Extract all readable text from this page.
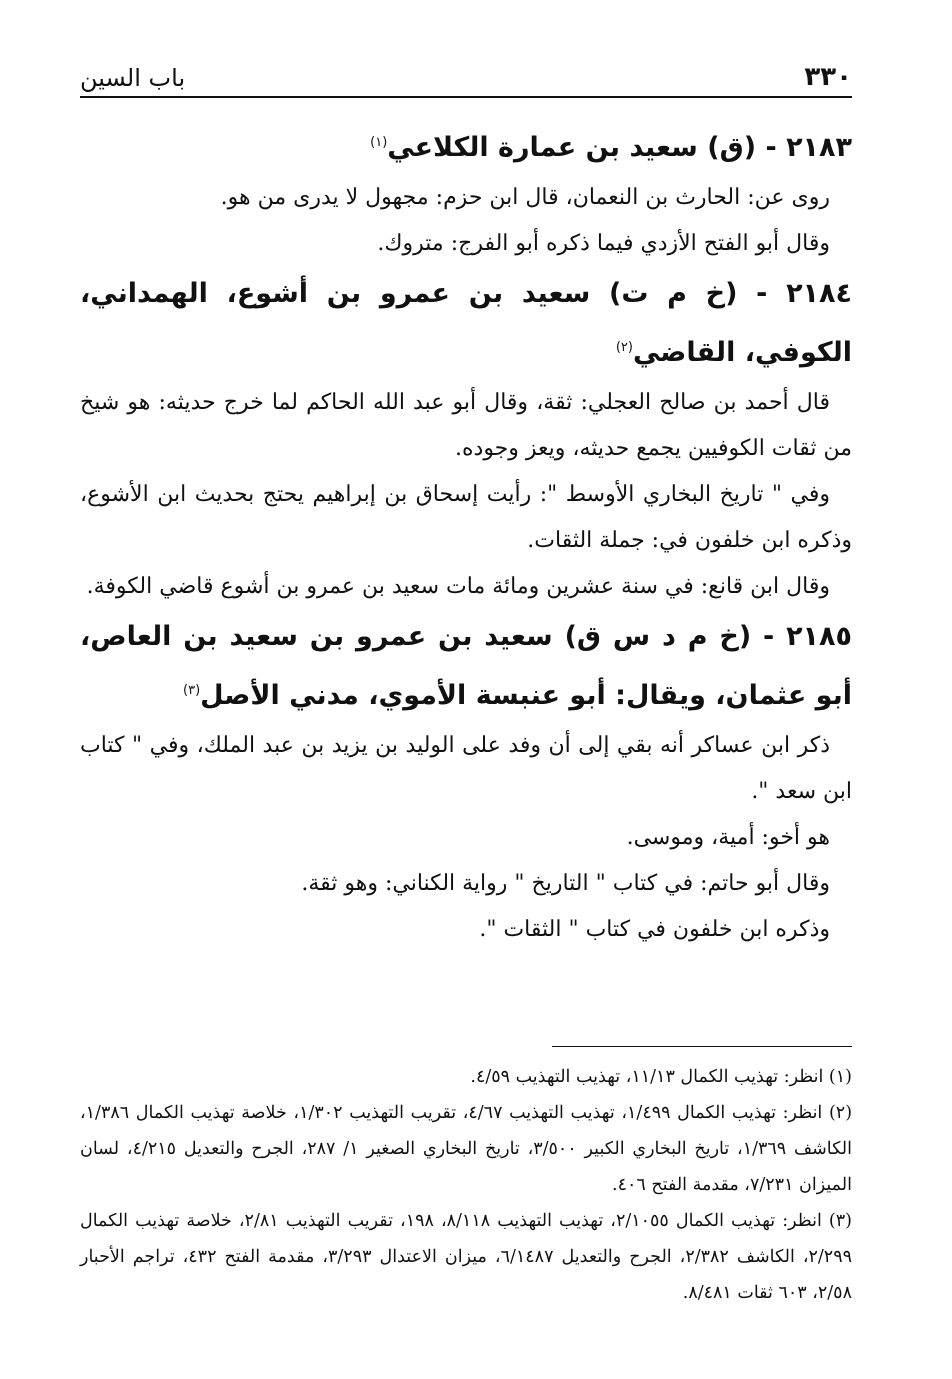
٣٣٠
باب السين
٢١٨٣ - (ق) سعيد بن عمارة الكلاعي$^{(١)}$

روى عن: الحارث بن النعمان، قال ابن حزم: مجهول لا يدرى من هو.

وقال أبو الفتح الأزدي فيما ذكره أبو الفرج: متروك.

٢١٨٤ - (خ م ت) سعيد بن عمرو بن أشوع، الهمداني، الكوفي، القاضي$^{(٢)}$

قال أحمد بن صالح العجلي: ثقة، وقال أبو عبد الله الحاكم لما خرج حديثه: هو شيخ من ثقات الكوفيين يجمع حديثه، ويعز وجوده.

وفي " تاريخ البخاري الأوسط ": رأيت إسحاق بن إبراهيم يحتج بحديث ابن الأشوع، وذكره ابن خلفون في: جملة الثقات.

وقال ابن قانع: في سنة عشرين ومائة مات سعيد بن عمرو بن أشوع قاضي الكوفة.

٢١٨٥ - (خ م د س ق) سعيد بن عمرو بن سعيد بن العاص، أبو عثمان، ويقال: أبو عنبسة الأموي، مدني الأصل$^{(٣)}$

ذكر ابن عساكر أنه بقي إلى أن وفد على الوليد بن يزيد بن عبد الملك، وفي " كتاب ابن سعد ".

هو أخو: أمية، وموسى.

وقال أبو حاتم: في كتاب " التاريخ " رواية الكناني: وهو ثقة.

وذكره ابن خلفون في كتاب " الثقات ".

(١) انظر: تهذيب الكمال ١١/١٣، تهذيب التهذيب ٤/٥٩.

(٢) انظر: تهذيب الكمال ١/٤٩٩، تهذيب التهذيب ٤/٦٧، تقريب التهذيب ١/٣٠٢، خلاصة تهذيب الكمال ١/٣٨٦، الكاشف ١/٣٦٩، تاريخ البخاري الكبير ٣/٥٠٠، تاريخ البخاري الصغير ١/ ٢٨٧، الجرح والتعديل ٤/٢١٥، لسان الميزان ٧/٢٣١، مقدمة الفتح ٤٠٦.

(٣) انظر: تهذيب الكمال ٢/١٠٥٥، تهذيب التهذيب ٨/١١٨، ١٩٨، تقريب التهذيب ٢/٨١، خلاصة تهذيب الكمال ٢/٢٩٩، الكاشف ٢/٣٨٢، الجرح والتعديل ٦/١٤٨٧، ميزان الاعتدال ٣/٢٩٣، مقدمة الفتح ٤٣٢، تراجم الأحبار ٢/٥٨، ٦٠٣ ثقات ٨/٤٨١.
